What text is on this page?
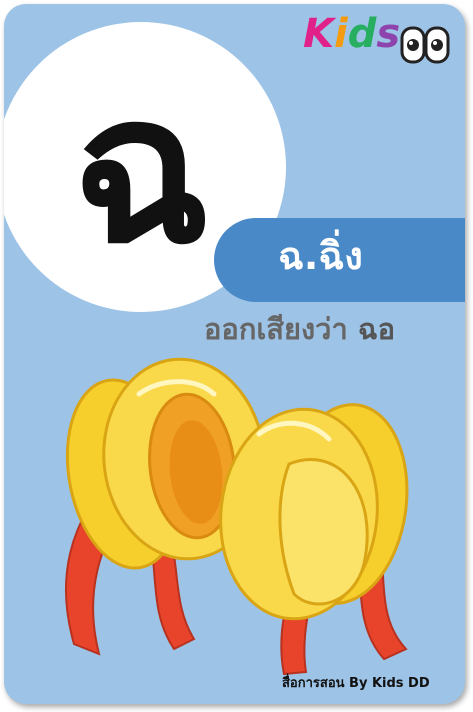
ฉ
Kids
ฉ.ฉิ่ง
ออกเสียงว่า ฉอ
สื่อการสอน By Kids DD
